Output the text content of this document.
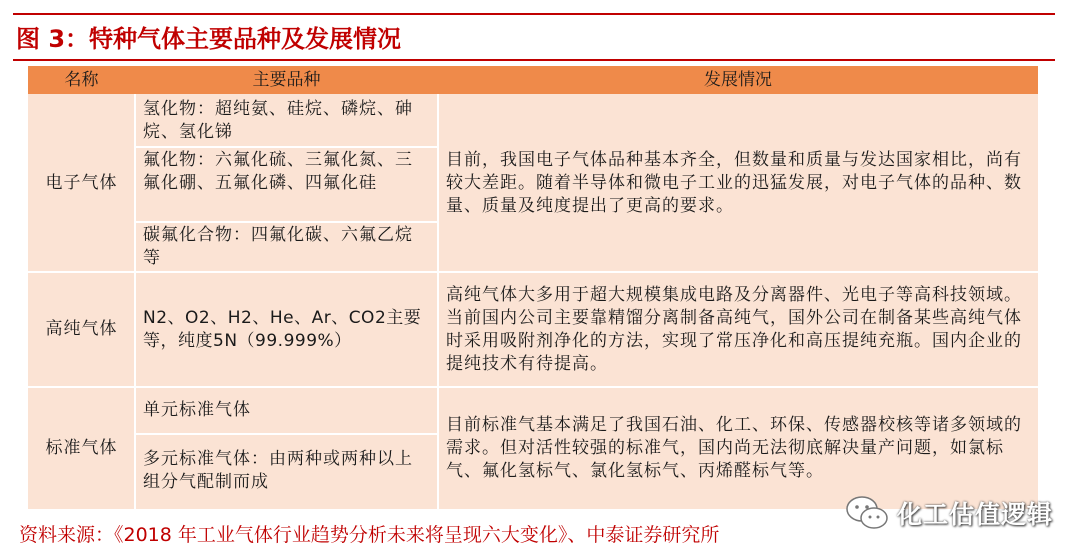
图 3：特种气体主要品种及发展情况
名称	主要品种	发展情况
电子气体
氢化物：超纯氨、硅烷、磷烷、砷烷、氢化锑
氟化物：六氟化硫、三氟化氮、三氟化硼、五氟化磷、四氟化硅
碳氟化合物：四氟化碳、六氟乙烷等
目前，我国电子气体品种基本齐全，但数量和质量与发达国家相比，尚有较大差距。随着半导体和微电子工业的迅猛发展，对电子气体的品种、数量、质量及纯度提出了更高的要求。
高纯气体
N2、O2、H2、He、Ar、CO2主要等，纯度5N（99.999%）
高纯气体大多用于超大规模集成电路及分离器件、光电子等高科技领域。当前国内公司主要靠精馏分离制备高纯气，国外公司在制备某些高纯气体时采用吸附剂净化的方法，实现了常压净化和高压提纯充瓶。国内企业的提纯技术有待提高。
标准气体
单元标准气体
多元标准气体：由两种或两种以上组分气配制而成
目前标准气基本满足了我国石油、化工、环保、传感器校核等诸多领域的需求。但对活性较强的标准气，国内尚无法彻底解决量产问题，如氯标气、氟化氢标气、氯化氢标气、丙烯醛标气等。
资料来源：《2018 年工业气体行业趋势分析未来将呈现六大变化》、中泰证券研究所
化工估值逻辑
